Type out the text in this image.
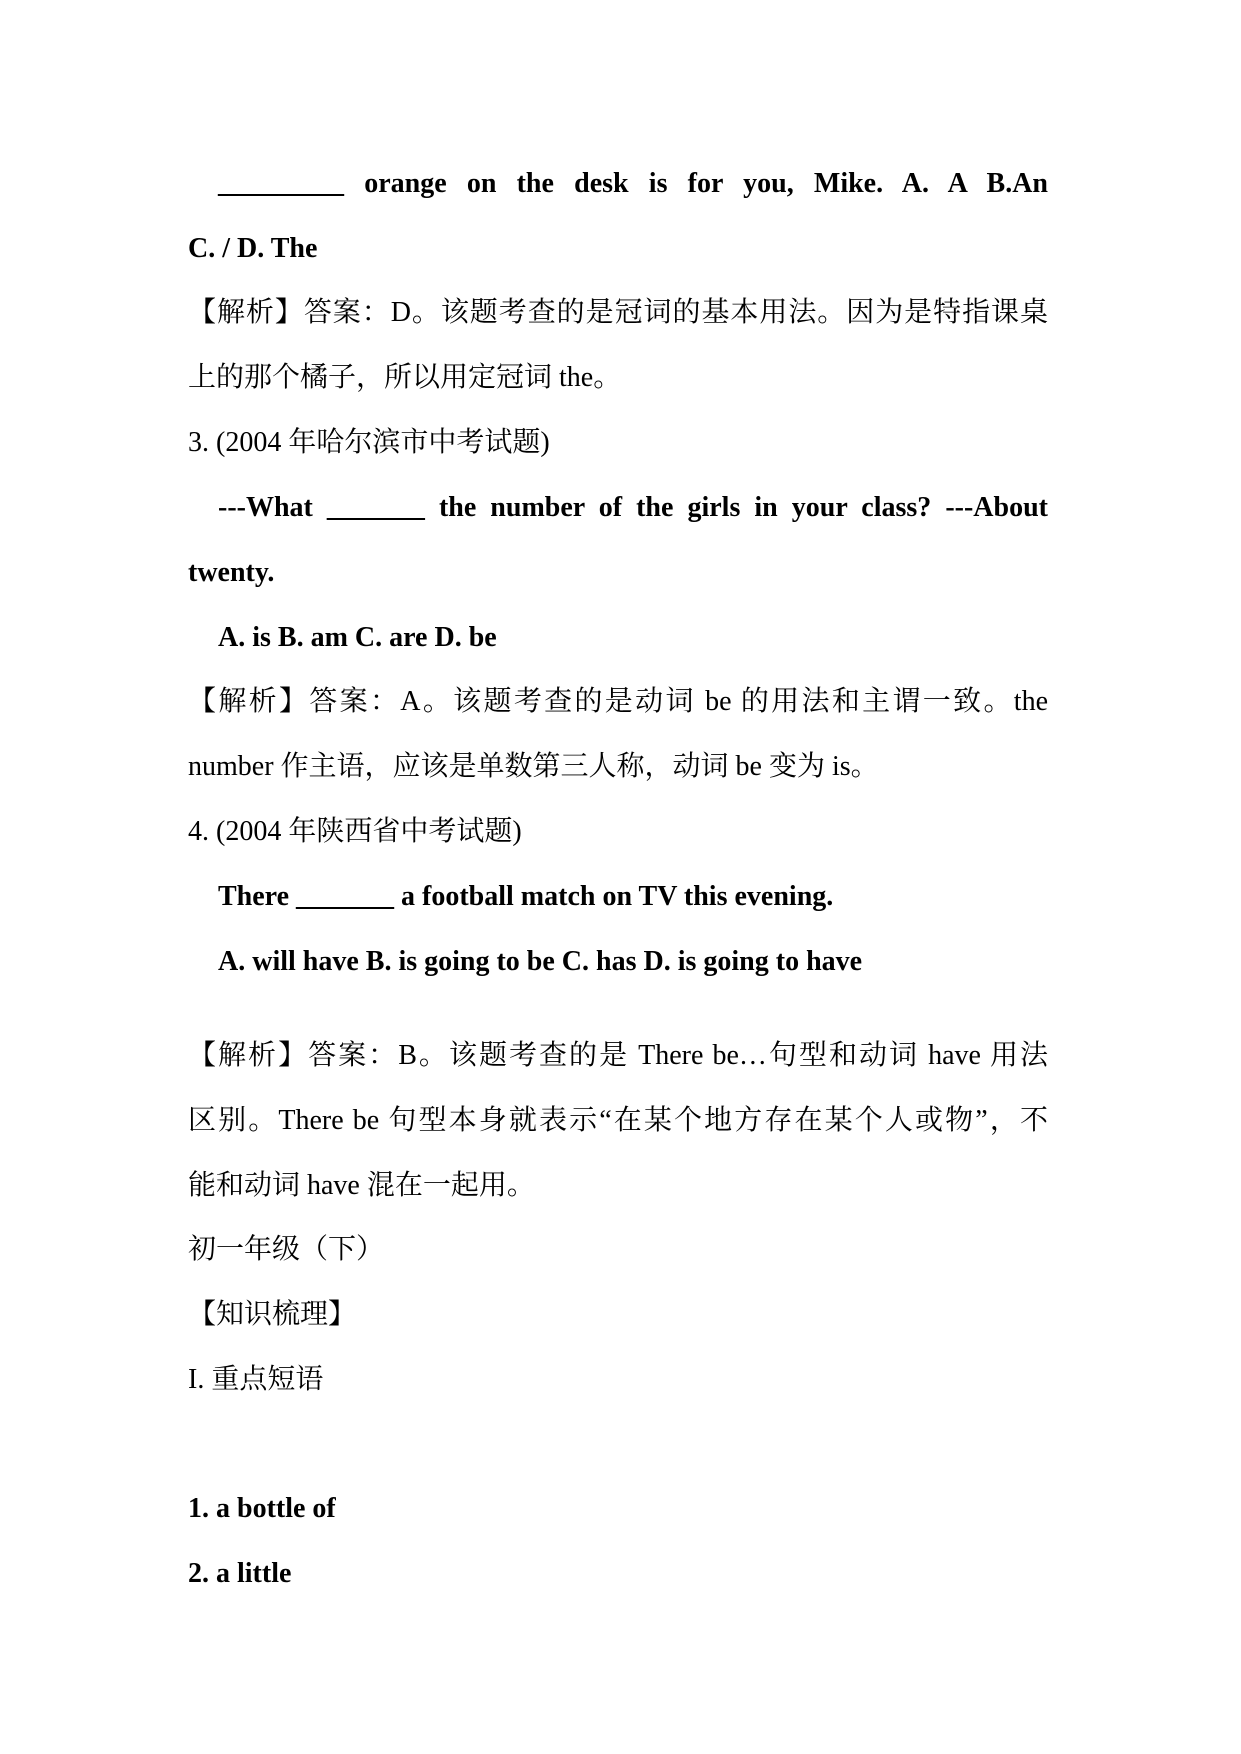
_________ orange on the desk is for you, Mike. A. A B.An
C. / D. The
【解析】答案：D。该题考查的是冠词的基本用法。因为是特指课桌
上的那个橘子，所以用定冠词 the。
3. (2004 年哈尔滨市中考试题)
---What _______ the number of the girls in your class? ---About
twenty.
A. is B. am C. are D. be
【解析】答案：A。该题考查的是动词 be 的用法和主谓一致。the
number 作主语，应该是单数第三人称，动词 be 变为 is。
4. (2004 年陕西省中考试题)
There _______ a football match on TV this evening.
A. will have B. is going to be C. has D. is going to have
【解析】答案：B。该题考查的是 There be…句型和动词 have 用法
区别。There be 句型本身就表示“在某个地方存在某个人或物”，不
能和动词 have 混在一起用。
初一年级（下）
【知识梳理】
I. 重点短语
1. a bottle of
2. a little
